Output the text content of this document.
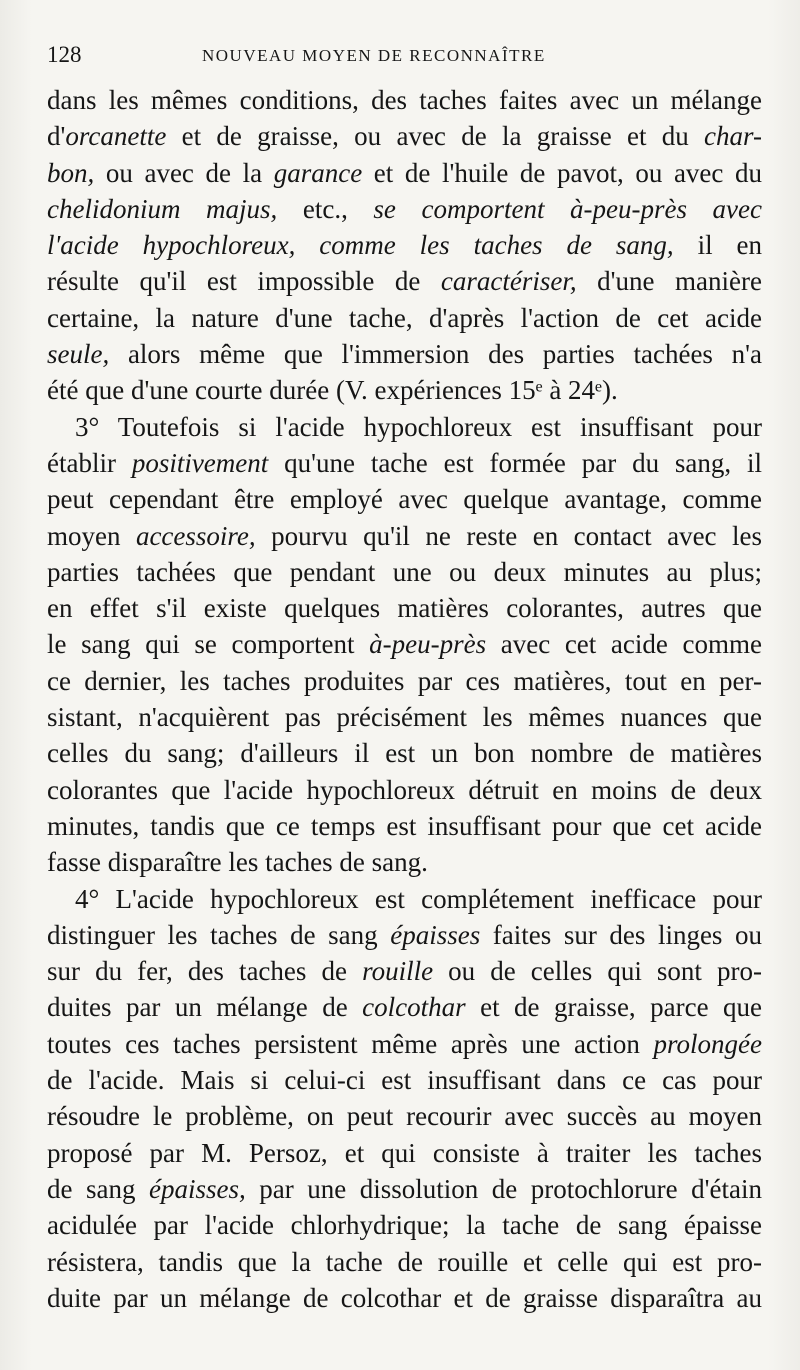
128	NOUVEAU MOYEN DE RECONNAÎTRE
dans les mêmes conditions, des taches faites avec un mélange
d'orcanette et de graisse, ou avec de la graisse et du char-
bon, ou avec de la garance et de l'huile de pavot, ou avec du
chelidonium majus, etc., se comportent à-peu-près avec
l'acide hypochloreux, comme les taches de sang, il en
résulte qu'il est impossible de caractériser, d'une manière
certaine, la nature d'une tache, d'après l'action de cet acide
seule, alors même que l'immersion des parties tachées n'a
été que d'une courte durée (V. expériences 15ᵉ à 24ᵉ).
3° Toutefois si l'acide hypochloreux est insuffisant pour
établir positivement qu'une tache est formée par du sang, il
peut cependant être employé avec quelque avantage, comme
moyen accessoire, pourvu qu'il ne reste en contact avec les
parties tachées que pendant une ou deux minutes au plus;
en effet s'il existe quelques matières colorantes, autres que
le sang qui se comportent à-peu-près avec cet acide comme
ce dernier, les taches produites par ces matières, tout en per-
sistant, n'acquièrent pas précisément les mêmes nuances que
celles du sang; d'ailleurs il est un bon nombre de matières
colorantes que l'acide hypochloreux détruit en moins de deux
minutes, tandis que ce temps est insuffisant pour que cet acide
fasse disparaître les taches de sang.
4° L'acide hypochloreux est complétement inefficace pour
distinguer les taches de sang épaisses faites sur des linges ou
sur du fer, des taches de rouille ou de celles qui sont pro-
duites par un mélange de colcothar et de graisse, parce que
toutes ces taches persistent même après une action prolongée
de l'acide. Mais si celui-ci est insuffisant dans ce cas pour
résoudre le problème, on peut recourir avec succès au moyen
proposé par M. Persoz, et qui consiste à traiter les taches
de sang épaisses, par une dissolution de protochlorure d'étain
acidulée par l'acide chlorhydrique; la tache de sang épaisse
résistera, tandis que la tache de rouille et celle qui est pro-
duite par un mélange de colcothar et de graisse disparaîtra au
